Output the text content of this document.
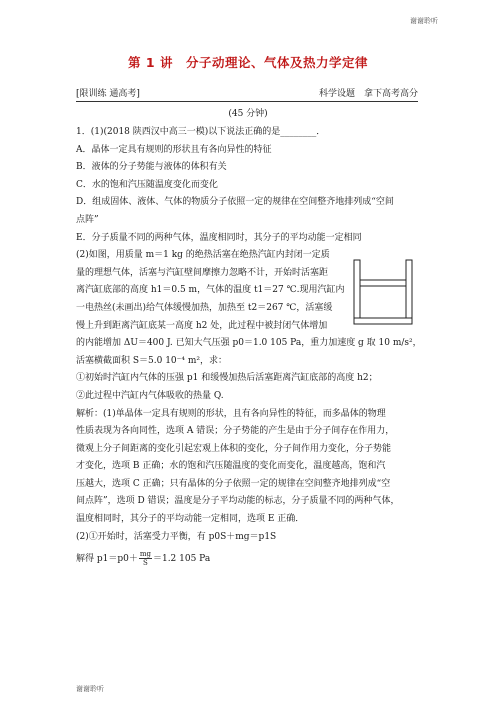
谢谢聆听
第 1 讲　分子动理论、气体及热力学定律
[限训练 通高考]	科学设题　拿下高考高分
(45 分钟)

1．(1)(2018 陕西汉中高三一模)以下说法正确的是________．

A．晶体一定具有规则的形状且有各向异性的特征

B．液体的分子势能与液体的体积有关

C．水的饱和汽压随温度变化而变化

D．组成固体、液体、气体的物质分子依照一定的规律在空间整齐地排列成“空间

点阵”

E．分子质量不同的两种气体，温度相同时，其分子的平均动能一定相同

(2)如图，用质量 m＝1 kg 的绝热活塞在绝热汽缸内封闭一定质

量的理想气体，活塞与汽缸壁间摩擦力忽略不计，开始时活塞距

离汽缸底部的高度 h1＝0.5 m，气体的温度 t1＝27 ℃.现用汽缸内

一电热丝(未画出)给气体缓慢加热，加热至 t2＝267 ℃，活塞缓

慢上升到距离汽缸底某一高度 h2 处，此过程中被封闭气体增加

的内能增加 ΔU＝400 J. 已知大气压强 p0＝1.0 105 Pa，重力加速度 g 取 10 m/s²，

活塞横截面积 S＝5.0 10⁻⁴ m²，求：

①初始时汽缸内气体的压强 p1 和缓慢加热后活塞距离汽缸底部的高度 h2；

②此过程中汽缸内气体吸收的热量 Q.

解析：(1)单晶体一定具有规则的形状，且有各向异性的特征，而多晶体的物理

性质表现为各向同性，选项 A 错误；分子势能的产生是由于分子间存在作用力，

微观上分子间距离的变化引起宏观上体积的变化，分子间作用力变化，分子势能

才变化，选项 B 正确；水的饱和汽压随温度的变化而变化，温度越高，饱和汽

压越大，选项 C 正确；只有晶体的分子依照一定的规律在空间整齐地排列成“空

间点阵”，选项 D 错误；温度是分子平均动能的标志，分子质量不同的两种气体，

温度相同时，其分子的平均动能一定相同，选项 E 正确．

(2)①开始时，活塞受力平衡，有 p0S＋mg＝p1S

解得 $p1=p0+ \frac{mg}{S} =1.2$ 105 Pa

谢谢聆听
